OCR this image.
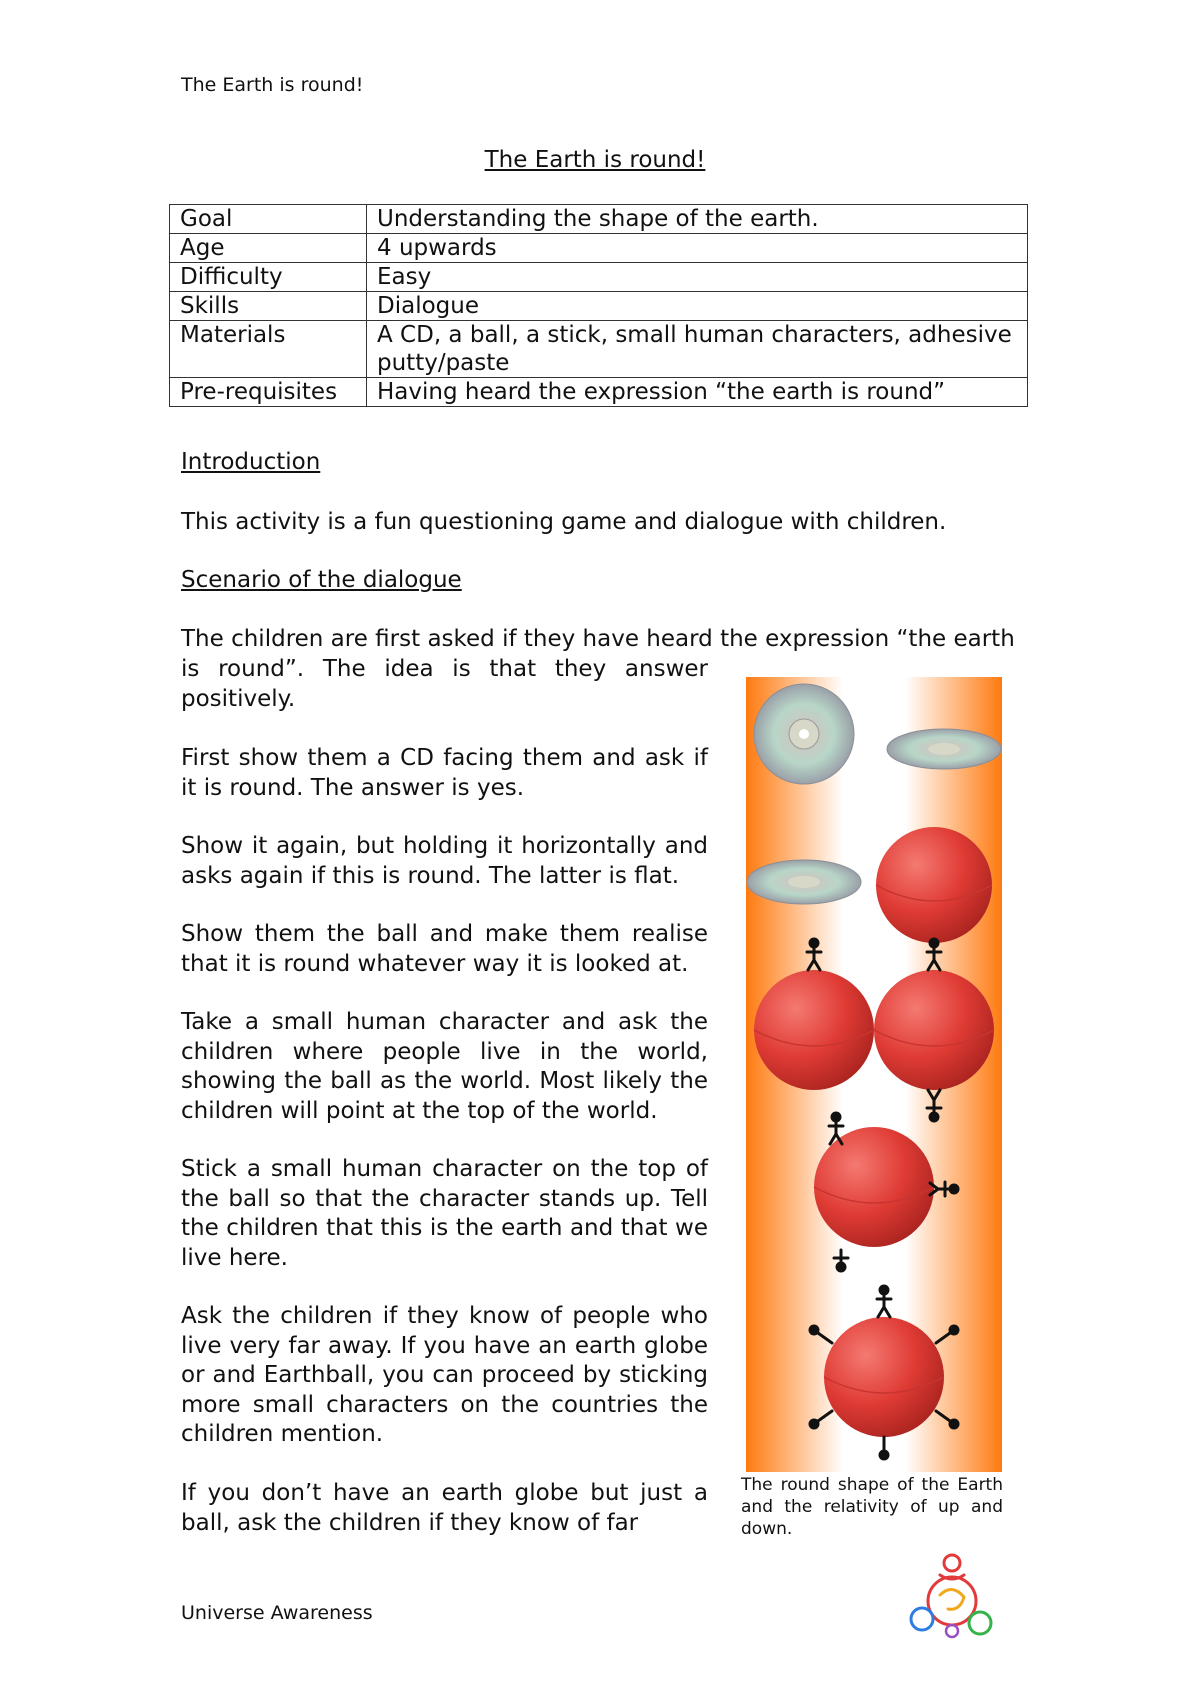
The Earth is round!
The Earth is round!
Goal	Understanding the shape of the earth.
Age	4 upwards
Difficulty	Easy
Skills	Dialogue
Materials	A CD, a ball, a stick, small human characters, adhesive putty/paste
Pre-requisites	Having heard the expression “the earth is round”
Introduction
This activity is a fun questioning game and dialogue with children.
Scenario of the dialogue
The children are first asked if they have heard the expression “the earth
is round”. The idea is that they answer positively.
First show them a CD facing them and ask if it is round. The answer is yes.
Show it again, but holding it horizontally and asks again if this is round. The latter is flat.
Show them the ball and make them realise that it is round whatever way it is looked at.
Take a small human character and ask the children where people live in the world, showing the ball as the world. Most likely the children will point at the top of the world.
Stick a small human character on the top of the ball so that the character stands up. Tell the children that this is the earth and that we live here.
Ask the children if they know of people who live very far away. If you have an earth globe or and Earthball, you can proceed by sticking more small characters on the countries the children mention.
If you don’t have an earth globe but just a ball, ask the children if they know of far
The round shape of the Earth and the relativity of up and down.
Universe Awareness
